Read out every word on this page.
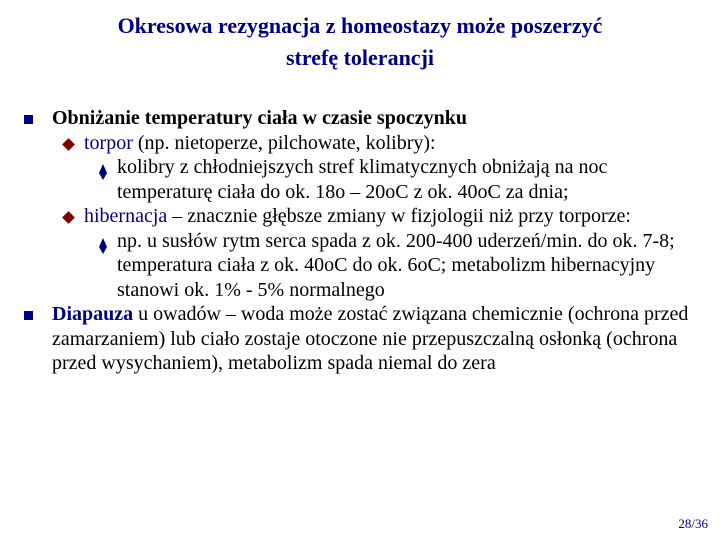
Okresowa rezygnacja z homeostazy może poszerzyć
strefę tolerancji
Obniżanie temperatury ciała w czasie spoczynku
torpor (np. nietoperze, pilchowate, kolibry):
kolibry z chłodniejszych stref klimatycznych obniżają na noc temperaturę ciała do ok. 18o – 20oC z ok. 40oC za dnia;
hibernacja – znacznie głębsze zmiany w fizjologii niż przy torporze:
np. u susłów rytm serca spada z ok. 200-400 uderzeń/min. do ok. 7-8; temperatura ciała z ok. 40oC do ok. 6oC; metabolizm hibernacyjny stanowi ok. 1% - 5% normalnego
Diapauza u owadów – woda może zostać związana chemicznie (ochrona przed zamarzaniem) lub ciało zostaje otoczone nie przepuszczalną osłonką (ochrona przed wysychaniem), metabolizm spada niemal do zera
28/36
